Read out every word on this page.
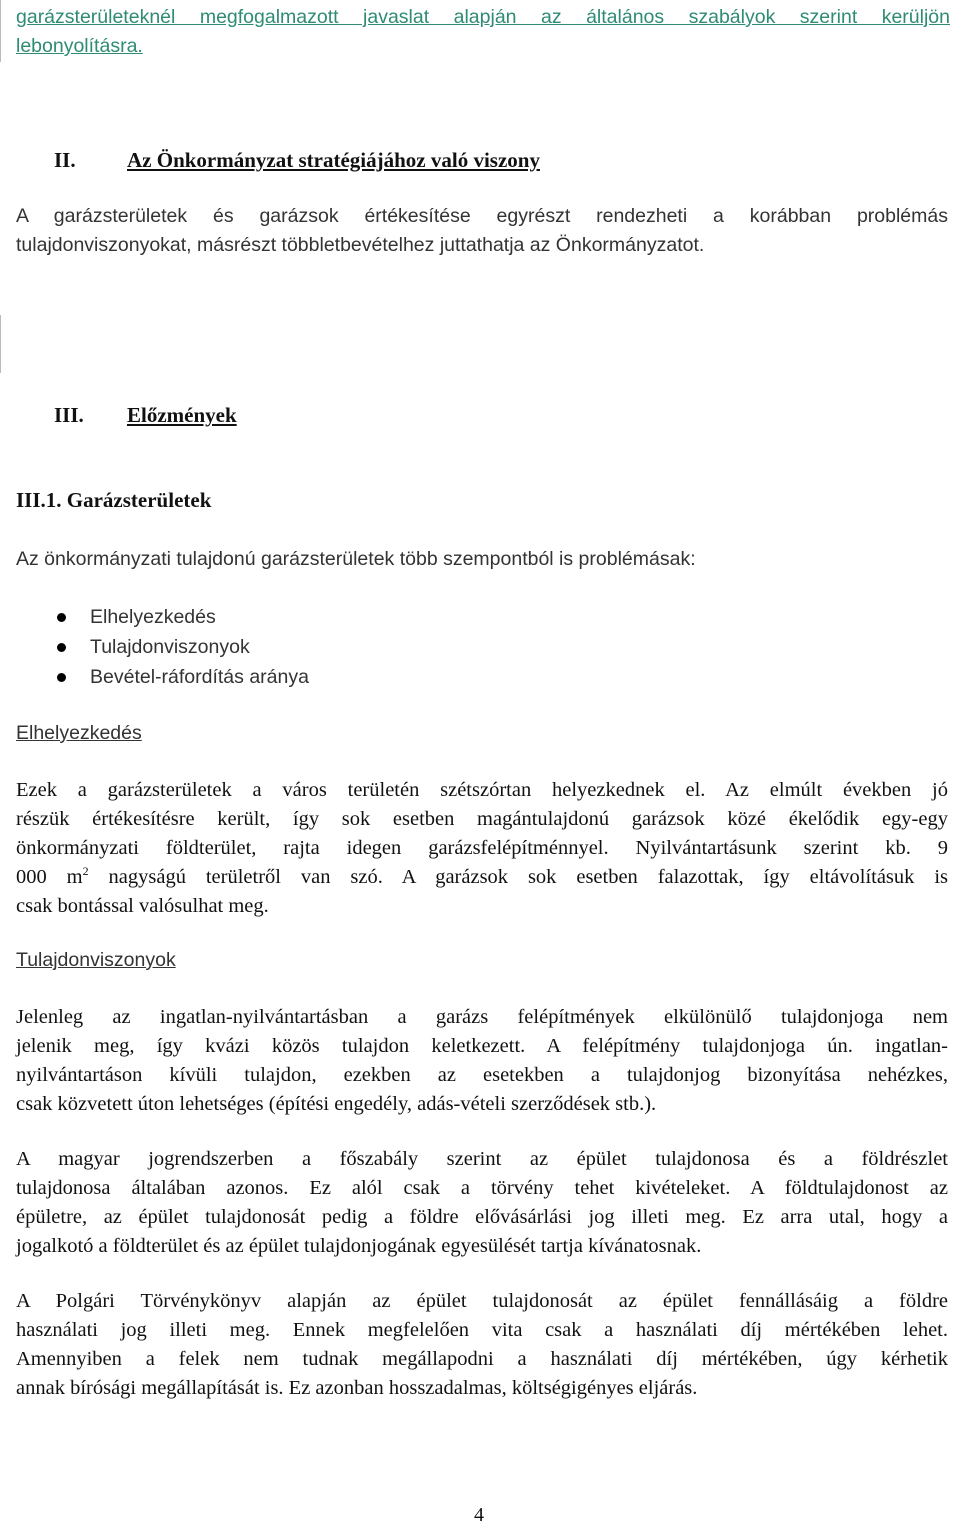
garázsterületeknél megfogalmazott javaslat alapján az általános szabályok szerint kerüljön
lebonyolításra.
II. Az Önkormányzat stratégiájához való viszony
A garázsterületek és garázsok értékesítése egyrészt rendezheti a korábban problémás
tulajdonviszonyokat, másrészt többletbevételhez juttathatja az Önkormányzatot.
III. Előzmények
III.1. Garázsterületek
Az önkormányzati tulajdonú garázsterületek több szempontból is problémásak:
Elhelyezkedés
Tulajdonviszonyok
Bevétel-ráfordítás aránya
Elhelyezkedés
Ezek a garázsterületek a város területén szétszórtan helyezkednek el. Az elmúlt években jó
részük értékesítésre került, így sok esetben magántulajdonú garázsok közé ékelődik egy-egy
önkormányzati földterület, rajta idegen garázsfelépítménnyel. Nyilvántartásunk szerint kb. 9
000 $m^2$ nagyságú területről van szó. A garázsok sok esetben falazottak, így eltávolításuk is
csak bontással valósulhat meg.
Tulajdonviszonyok
Jelenleg az ingatlan-nyilvántartásban a garázs felépítmények elkülönülő tulajdonjoga nem
jelenik meg, így kvázi közös tulajdon keletkezett. A felépítmény tulajdonjoga ún. ingatlan-
nyilvántartáson kívüli tulajdon, ezekben az esetekben a tulajdonjog bizonyítása nehézkes,
csak közvetett úton lehetséges (építési engedély, adás-vételi szerződések stb.).
A magyar jogrendszerben a főszabály szerint az épület tulajdonosa és a földrészlet
tulajdonosa általában azonos. Ez alól csak a törvény tehet kivételeket. A földtulajdonost az
épületre, az épület tulajdonosát pedig a földre elővásárlási jog illeti meg. Ez arra utal, hogy a
jogalkotó a földterület és az épület tulajdonjogának egyesülését tartja kívánatosnak.
A Polgári Törvénykönyv alapján az épület tulajdonosát az épület fennállásáig a földre
használati jog illeti meg. Ennek megfelelően vita csak a használati díj mértékében lehet.
Amennyiben a felek nem tudnak megállapodni a használati díj mértékében, úgy kérhetik
annak bírósági megállapítását is. Ez azonban hosszadalmas, költségigényes eljárás.
4
